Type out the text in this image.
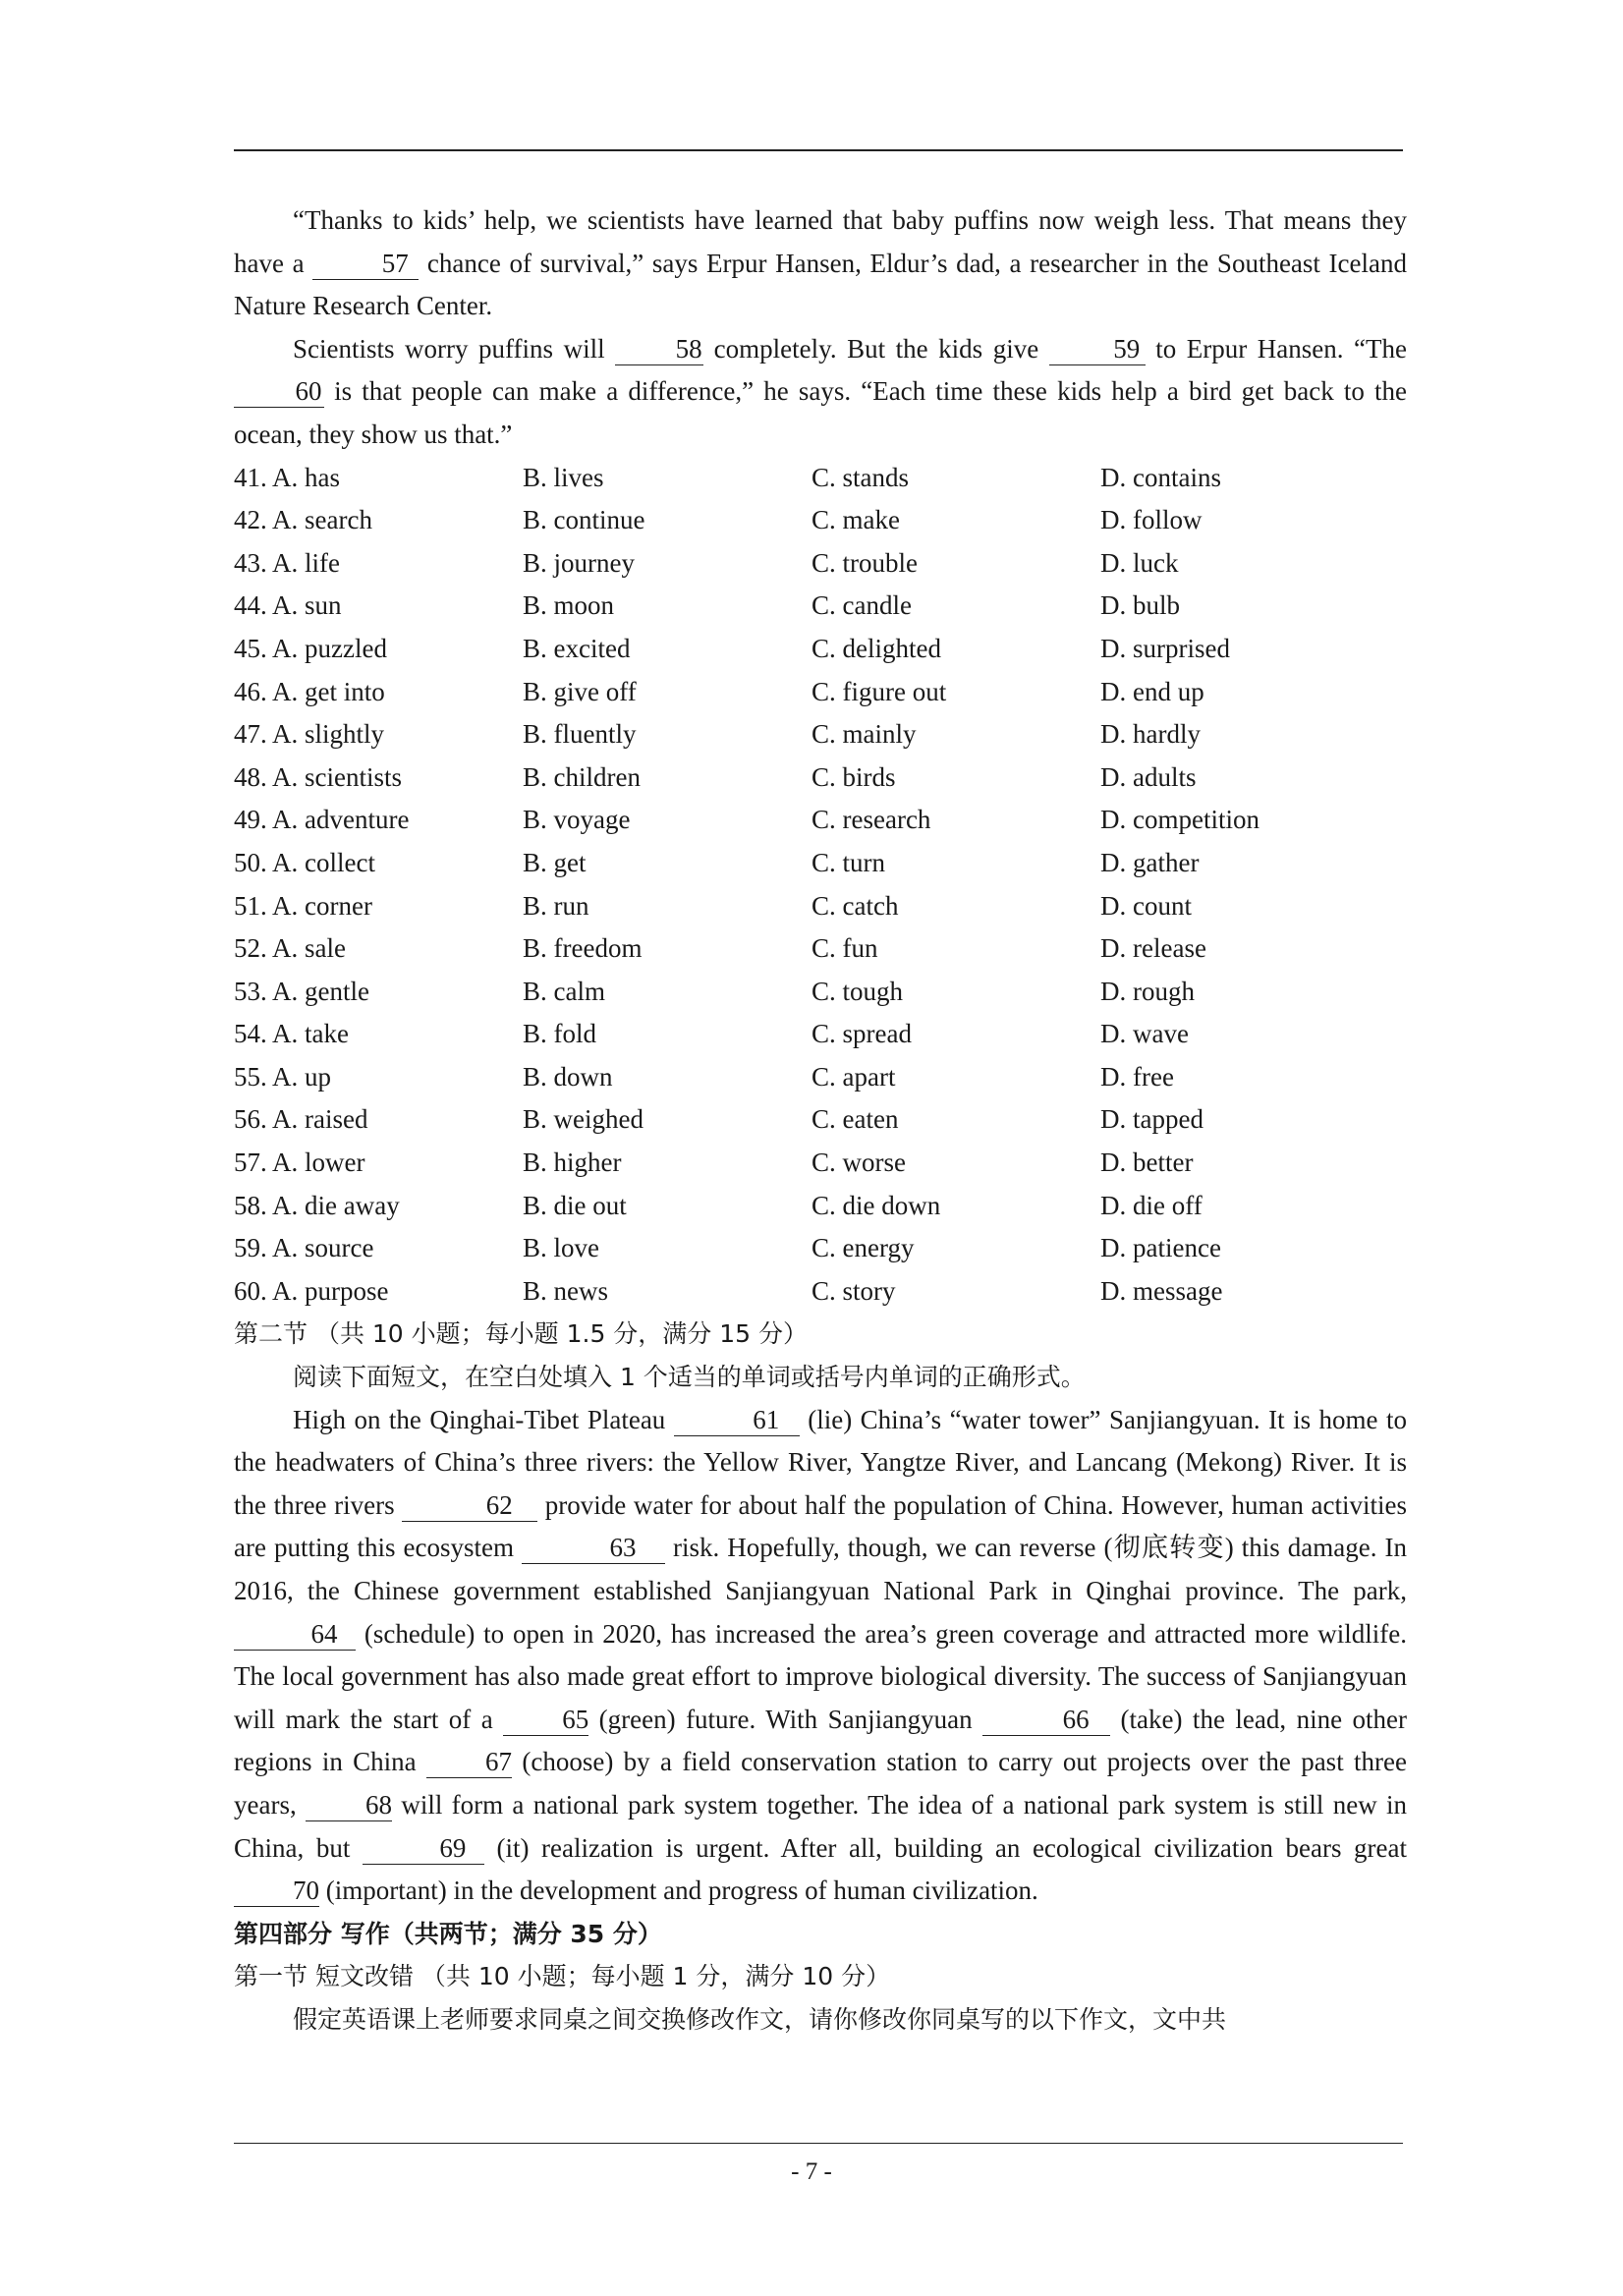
“Thanks to kids’ help, we scientists have learned that baby puffins now weigh less. That means they have a	57 chance of survival,” says Erpur Hansen, Eldur’s dad, a researcher in the Southeast Iceland Nature Research Center.

Scientists worry puffins will 58 completely. But the kids give 59 to Erpur Hansen. “The 60 is that people can make a difference,” he says. “Each time these kids help a bird get back to the ocean, they show us that.”

41. A. has	B. lives	C. stands	D. contains
42. A. search	B. continue	C. make	D. follow
43. A. life	B. journey	C. trouble	D. luck
44. A. sun	B. moon	C. candle	D. bulb
45. A. puzzled	B. excited	C. delighted	D. surprised
46. A. get into	B. give off	C. figure out	D. end up
47. A. slightly	B. fluently	C. mainly	D. hardly
48. A. scientists	B. children	C. birds	D. adults
49. A. adventure	B. voyage	C. research	D. competition
50. A. collect	B. get	C. turn	D. gather
51. A. corner	B. run	C. catch	D. count
52. A. sale	B. freedom	C. fun	D. release
53. A. gentle	B. calm	C. tough	D. rough
54. A. take	B. fold	C. spread	D. wave
55. A. up	B. down	C. apart	D. free
56. A. raised	B. weighed	C. eaten	D. tapped
57. A. lower	B. higher	C. worse	D. better
58. A. die away	B. die out	C. die down	D. die off
59. A. source	B. love	C. energy	D. patience
60. A. purpose	B. news	C. story	D. message

第二节 （共 10 小题；每小题 1.5 分，满分 15 分）

阅读下面短文，在空白处填入 1 个适当的单词或括号内单词的正确形式。

High on the Qinghai-Tibet Plateau	61 (lie) China’s “water tower” Sanjiangyuan. It is home to the headwaters of China’s three rivers: the Yellow River, Yangtze River, and Lancang (Mekong) River. It is the three rivers	62 provide water for about half the population of China. However, human activities are putting this ecosystem	63 risk. Hopefully, though, we can reverse (彻底转变) this damage. In 2016, the Chinese government established Sanjiangyuan National Park in Qinghai province. The park, 64 (schedule) to open in 2020, has increased the area’s green coverage and attracted more wildlife. The local government has also made great effort to improve biological diversity. The success of Sanjiangyuan will mark the start of a 65 (green) future. With Sanjiangyuan	66 (take) the lead, nine other regions in China 67 (choose) by a field conservation station to carry out projects over the past three years, 68 will form a national park system together. The idea of a national park system is still new in China, but	69 (it) realization is urgent. After all, building an ecological civilization bears great 70 (important) in the development and progress of human civilization.

第四部分 写作（共两节；满分 35 分）

第一节 短文改错 （共 10 小题；每小题 1 分，满分 10 分）

假定英语课上老师要求同桌之间交换修改作文，请你修改你同桌写的以下作文，文中共

- 7 -
